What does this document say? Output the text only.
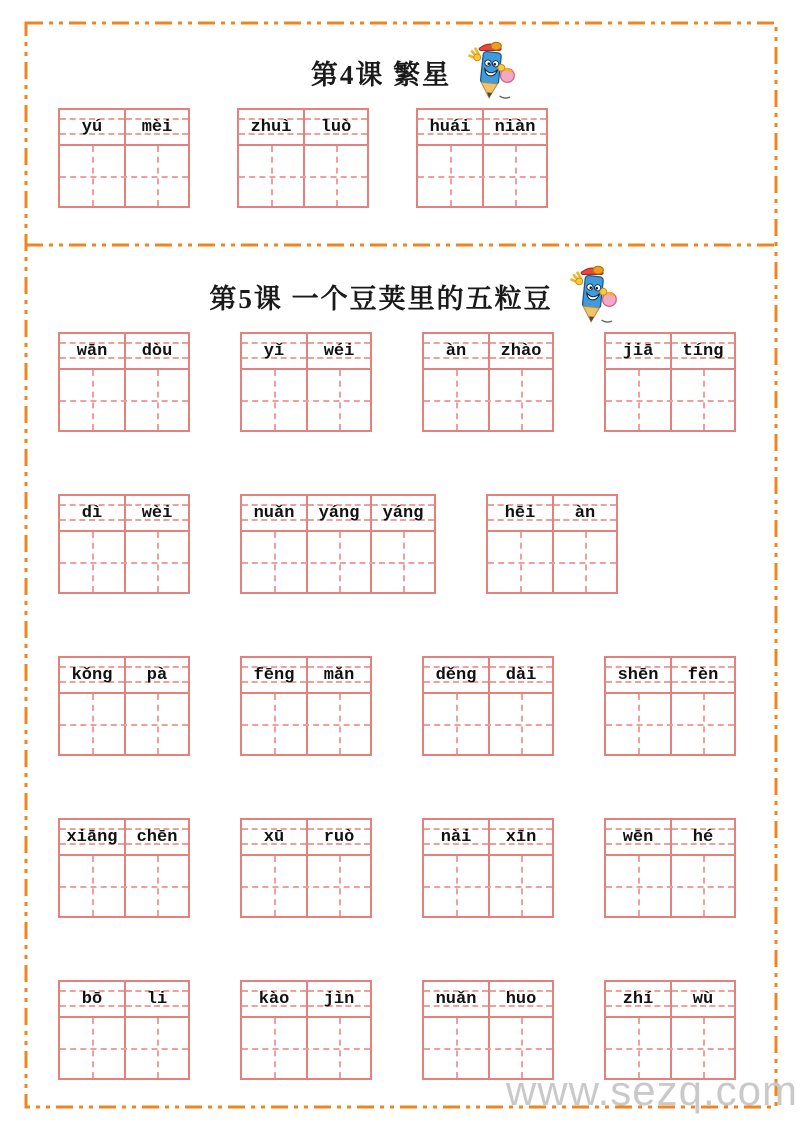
第4课 繁星
yú mèi	zhuì luò	huái niàn
第5课 一个豆荚里的五粒豆
wān dòu	yǐ wéi	àn zhào	jiā tíng
dì wèi	nuǎn yáng yáng	hēi àn
kǒng pà	fēng mǎn	děng dài	shēn fèn
xiāng chēn	xū ruò	nài xīn	wēn hé
bō	li	kào jìn	nuǎn huo	zhí wù
www.sezq.com
